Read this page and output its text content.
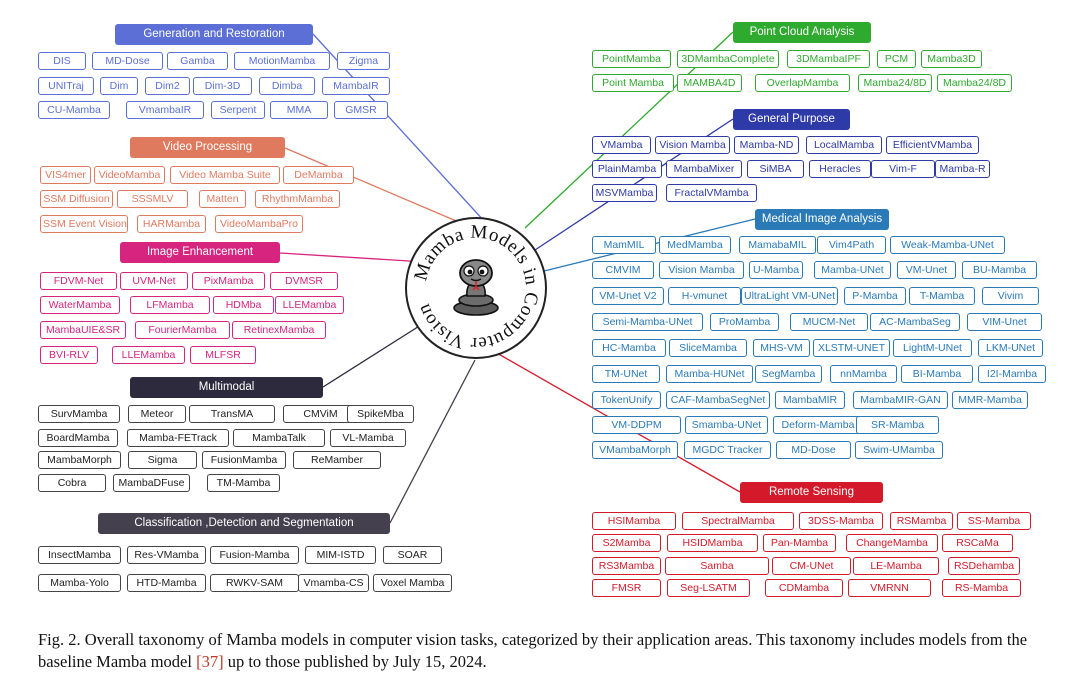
Mamba Models in Computer Vision
Fig. 2. Overall taxonomy of Mamba models in computer vision tasks, categorized by their application areas. This taxonomy includes models from the baseline Mamba model [37] up to those published by July 15, 2024.
Generation and Restoration
DIS	MD-Dose	Gamba	MotionMamba	Zigma
UNITraj	Dim	Dim2	Dim-3D	Dimba	MambaIR
CU-Mamba	VmambaIR	Serpent	MMA	GMSR
Video Processing
VIS4mer	VideoMamba	Video Mamba Suite	DeMamba
SSM Diffusion	SSSMLV	Matten	RhythmMamba
SSM Event Vision	HARMamba	VideoMambaPro
Image Enhancement
FDVM-Net	UVM-Net	PixMamba	DVMSR
WaterMamba	LFMamba	HDMba	LLEMamba
MambaUIE&SR	FourierMamba	RetinexMamba
BVI-RLV	LLEMamba	MLFSR
Multimodal
SurvMamba	Meteor	TransMA	CMViM	SpikeMba
BoardMamba	Mamba-FETrack	MambaTalk	VL-Mamba
MambaMorph	Sigma	FusionMamba	ReMamber
Cobra	MambaDFuse	TM-Mamba
Classification ,Detection and Segmentation
InsectMamba	Res-VMamba	Fusion-Mamba	MIM-ISTD	SOAR
Mamba-Yolo	HTD-Mamba	RWKV-SAM	Vmamba-CS	Voxel Mamba
Point Cloud Analysis
PointMamba	3DMambaComplete	3DMambaIPF	PCM	Mamba3D
Point Mamba	MAMBA4D	OverlapMamba	Mamba24/8D	Mamba24/8D
General Purpose
VMamba	Vision Mamba	Mamba-ND	LocalMamba	EfficientVMamba
PlainMamba	MambaMixer	SiMBA	Heracles	Vim-F	Mamba-R
MSVMamba	FractalVMamba
Medical Image Analysis
MamMIL	MedMamba	MamabaMIL	Vim4Path	Weak-Mamba-UNet
CMVIM	Vision Mamba	U-Mamba	Mamba-UNet	VM-Unet	BU-Mamba
VM-Unet V2	H-vmunet	UltraLight VM-UNet	P-Mamba	T-Mamba	Vivim
Semi-Mamba-UNet	ProMamba	MUCM-Net	AC-MambaSeg	VIM-Unet
HC-Mamba	SliceMamba	MHS-VM	XLSTM-UNET	LightM-UNet	LKM-UNet
TM-UNet	Mamba-HUNet	SegMamba	nnMamba	BI-Mamba	I2I-Mamba
TokenUnify	CAF-MambaSegNet	MambaMIR	MambaMIR-GAN	MMR-Mamba
VM-DDPM	Smamba-UNet	Deform-Mamba	SR-Mamba
VMambaMorph	MGDC Tracker	MD-Dose	Swim-UMamba
Remote Sensing
HSIMamba	SpectralMamba	3DSS-Mamba	RSMamba	SS-Mamba
S2Mamba	HSIDMamba	Pan-Mamba	ChangeMamba	RSCaMa
RS3Mamba	Samba	CM-UNet	LE-Mamba	RSDehamba
FMSR	Seg-LSATM	CDMamba	VMRNN	RS-Mamba
